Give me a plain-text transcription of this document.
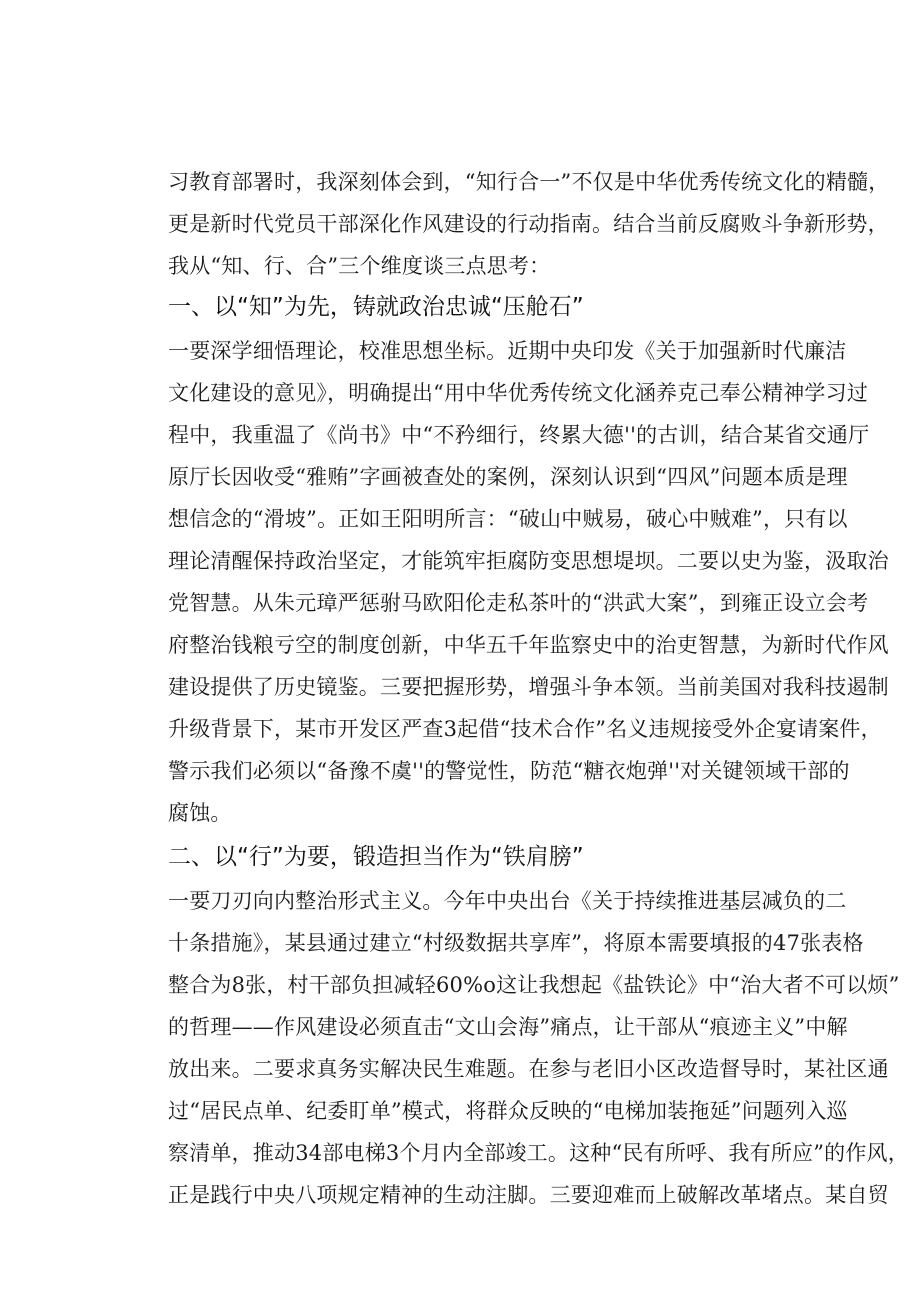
习教育部署时，我深刻体会到，“知行合一”不仅是中华优秀传统文化的精髓，
更是新时代党员干部深化作风建设的行动指南。结合当前反腐败斗争新形势，
我从“知、行、合”三个维度谈三点思考：
一、以“知”为先，铸就政治忠诚“压舱石”
一要深学细悟理论，校准思想坐标。近期中央印发《关于加强新时代廉洁
文化建设的意见》，明确提出“用中华优秀传统文化涵养克己奉公精神学习过
程中，我重温了《尚书》中“不矜细行，终累大德''的古训，结合某省交通厅
原厅长因收受“雅贿”字画被查处的案例，深刻认识到“四风”问题本质是理
想信念的“滑坡”。正如王阳明所言：“破山中贼易，破心中贼难”，只有以
理论清醒保持政治坚定，才能筑牢拒腐防变思想堤坝。二要以史为鉴，汲取治
党智慧。从朱元璋严惩驸马欧阳伦走私茶叶的“洪武大案”，到雍正设立会考
府整治钱粮亏空的制度创新，中华五千年监察史中的治吏智慧，为新时代作风
建设提供了历史镜鉴。三要把握形势，增强斗争本领。当前美国对我科技遏制
升级背景下，某市开发区严查3起借“技术合作”名义违规接受外企宴请案件，
警示我们必须以“备豫不虞''的警觉性，防范“糖衣炮弹''对关键领域干部的
腐蚀。
二、以“行”为要，锻造担当作为“铁肩膀”
一要刀刃向内整治形式主义。今年中央出台《关于持续推进基层减负的二
十条措施》，某县通过建立“村级数据共享库”，将原本需要填报的47张表格
整合为8张，村干部负担减轻60%o这让我想起《盐铁论》中“治大者不可以烦”
的哲理——作风建设必须直击“文山会海”痛点，让干部从“痕迹主义”中解
放出来。二要求真务实解决民生难题。在参与老旧小区改造督导时，某社区通
过“居民点单、纪委盯单”模式，将群众反映的“电梯加装拖延”问题列入巡
察清单，推动34部电梯3个月内全部竣工。这种“民有所呼、我有所应”的作风，
正是践行中央八项规定精神的生动注脚。三要迎难而上破解改革堵点。某自贸
